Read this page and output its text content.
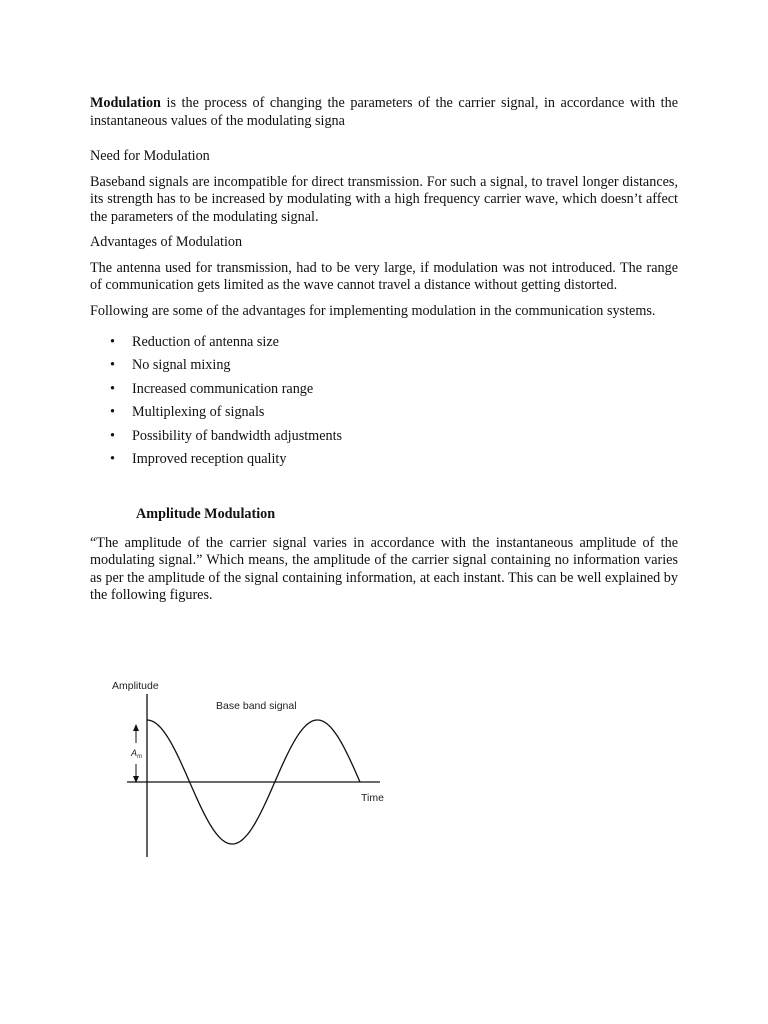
Modulation is the process of changing the parameters of the carrier signal, in accordance with the instantaneous values of the modulating signa

Need for Modulation

Baseband signals are incompatible for direct transmission. For such a signal, to travel longer distances, its strength has to be increased by modulating with a high frequency carrier wave, which doesn’t affect the parameters of the modulating signal.

Advantages of Modulation

The antenna used for transmission, had to be very large, if modulation was not introduced. The range of communication gets limited as the wave cannot travel a distance without getting distorted.

Following are some of the advantages for implementing modulation in the communication systems.

• Reduction of antenna size
• No signal mixing
• Increased communication range
• Multiplexing of signals
• Possibility of bandwidth adjustments
• Improved reception quality

Amplitude Modulation

“The amplitude of the carrier signal varies in accordance with the instantaneous amplitude of the modulating signal.” Which means, the amplitude of the carrier signal containing no information varies as per the amplitude of the signal containing information, at each instant. This can be well explained by the following figures.

Amplitude
Base band signal
Time
$A_m$
